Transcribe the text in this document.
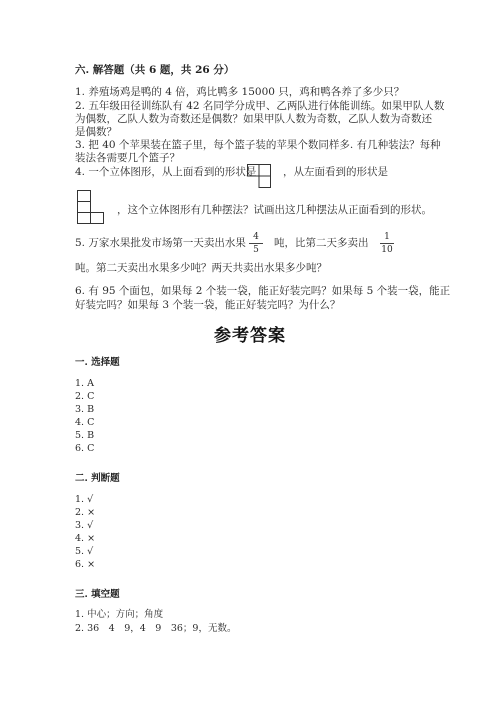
六. 解答题（共 6 题，共 26 分）
1. 养殖场鸡是鸭的 4 倍，鸡比鸭多 15000 只，鸡和鸭各养了多少只？
2. 五年级田径训练队有 42 名同学分成甲、乙两队进行体能训练。如果甲队人数
为偶数，乙队人数为奇数还是偶数？如果甲队人数为奇数，乙队人数为奇数还
是偶数？
3. 把 40 个苹果装在篮子里，每个篮子装的苹果个数同样多. 有几种装法？每种
装法各需要几个篮子？
4. 一个立体图形，从上面看到的形状是	，从左面看到的形状是
，这个立体图形有几种摆法？试画出这几种摆法从正面看到的形状。
5. 万家水果批发市场第一天卖出水果 4
5
吨，比第二天多卖出	1
10
吨。第二天卖出水果多少吨？两天共卖出水果多少吨？
6. 有 95 个面包，如果每 2 个装一袋，能正好装完吗？如果每 5 个装一袋，能正
好装完吗？如果每 3 个装一袋，能正好装完吗？为什么？
参考答案
一. 选择题
1. A
2. C
3. B
4. C
5. B
6. C
二. 判断题
1. √
2. ×
3. √
4. ×
5. √
6. ×
三. 填空题
1. 中心；方向；角度
2. 36　4　9，4　9　36；9，无数。
